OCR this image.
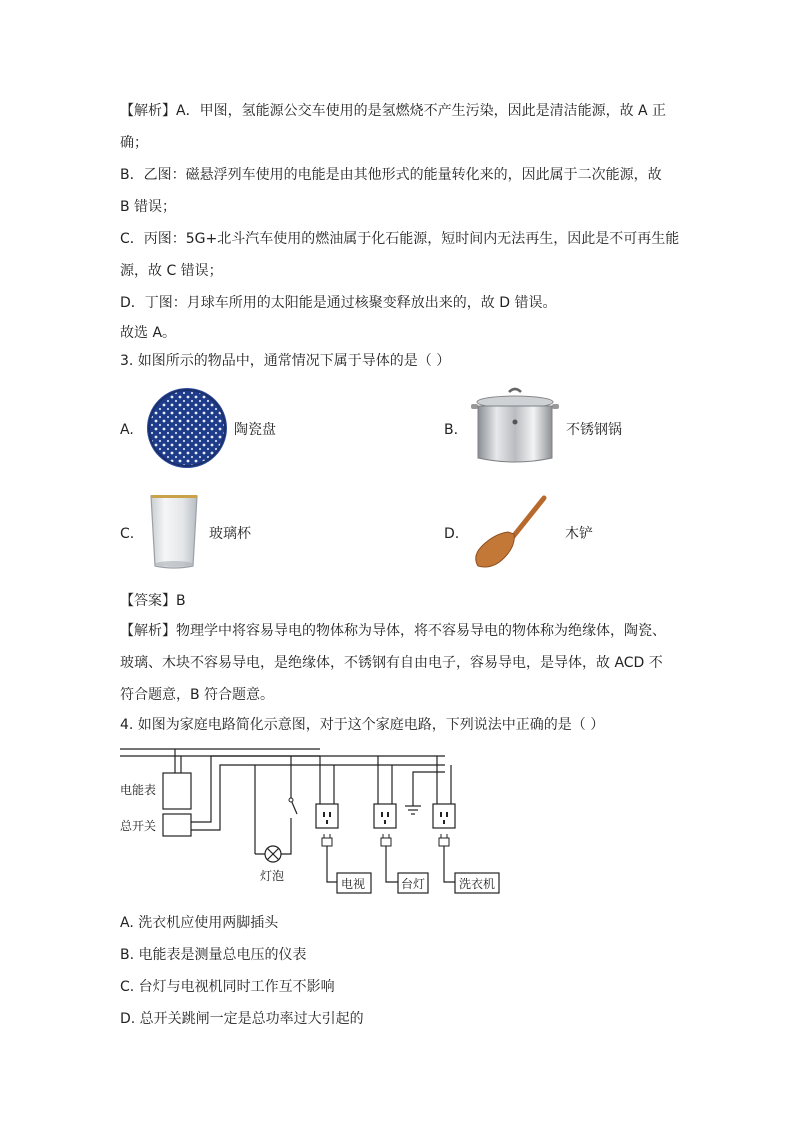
【解析】A．甲图，氢能源公交车使用的是氢燃烧不产生污染，因此是清洁能源，故 A 正
确；
B．乙图：磁悬浮列车使用的电能是由其他形式的能量转化来的，因此属于二次能源，故
B 错误；
C．丙图：5G+北斗汽车使用的燃油属于化石能源，短时间内无法再生，因此是不可再生能
源，故 C 错误；
D．丁图：月球车所用的太阳能是通过核聚变释放出来的，故 D 错误。
故选 A。
3. 如图所示的物品中，通常情况下属于导体的是（ ）
A.	陶瓷盘	B.	不锈钢锅
C.	玻璃杯	D.	木铲
【答案】B
【解析】物理学中将容易导电的物体称为导体，将不容易导电的物体称为绝缘体，陶瓷、
玻璃、木块不容易导电，是绝缘体，不锈钢有自由电子，容易导电，是导体，故 ACD 不
符合题意，B 符合题意。
4. 如图为家庭电路简化示意图，对于这个家庭电路，下列说法中正确的是（ ）
电能表
总开关
灯泡
电视	台灯	洗衣机
A. 洗衣机应使用两脚插头
B. 电能表是测量总电压的仪表
C. 台灯与电视机同时工作互不影响
D. 总开关跳闸一定是总功率过大引起的
